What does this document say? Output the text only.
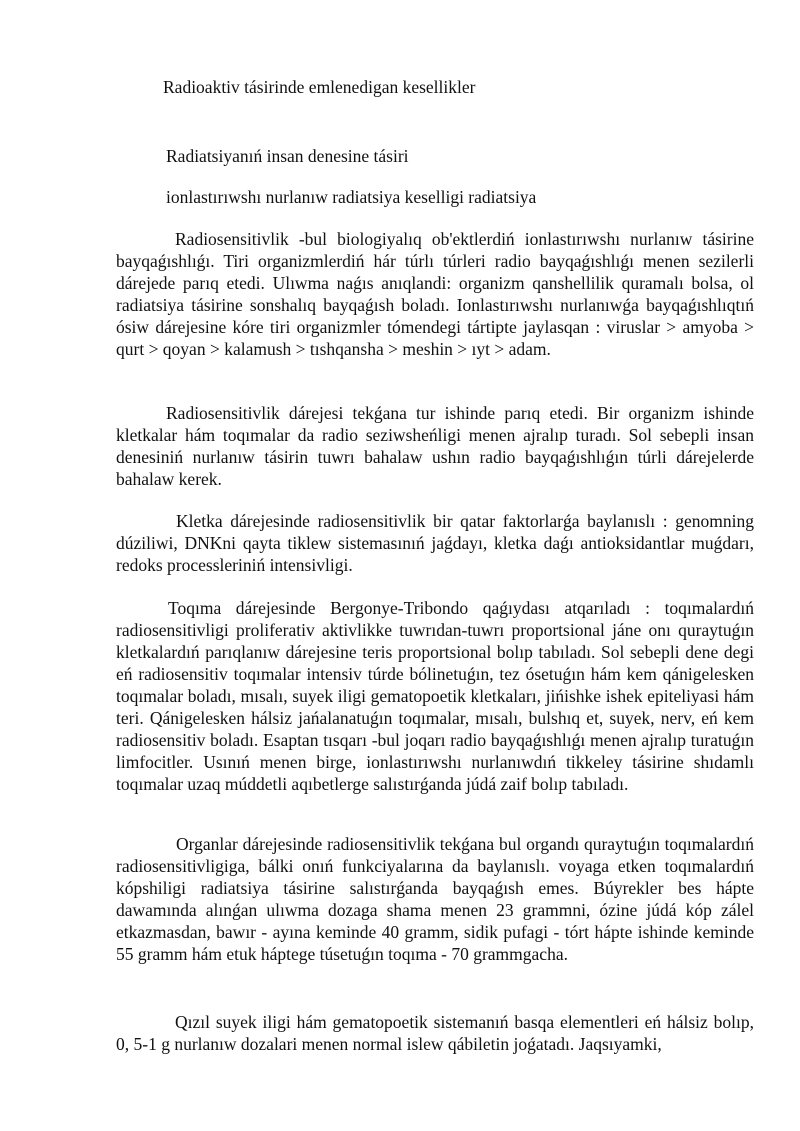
Radioaktiv tásirinde emlenedigan kesellikler
Radiatsiyanıń insan denesine tásiri
ionlastırıwshı nurlanıw radiatsiya keselligi radiatsiya
Radiosensitivlik -bul biologiyalıq ob'ektlerdiń ionlastırıwshı nurlanıw tásirine bayqaǵıshlıǵı. Tiri organizmlerdiń hár túrlı túrleri radio bayqaǵıshlıǵı menen sezilerli dárejede parıq etedi. Ulıwma naǵıs anıqlandi: organizm qanshellilik quramalı bolsa, ol radiatsiya tásirine sonshalıq bayqaǵısh boladı. Ionlastırıwshı nurlanıwǵa bayqaǵıshlıqtıń ósiw dárejesine kóre tiri organizmler tómendegi tártipte jaylasqan : viruslar > amyoba > qurt > qoyan > kalamush > tıshqansha > meshin > ıyt > adam.
Radiosensitivlik dárejesi tekǵana tur ishinde parıq etedi. Bir organizm ishinde kletkalar hám toqımalar da radio seziwsheńligi menen ajralıp turadı. Sol sebepli insan denesiniń nurlanıw tásirin tuwrı bahalaw ushın radio bayqaǵıshlıǵın túrli dárejelerde bahalaw kerek.
Kletka dárejesinde radiosensitivlik bir qatar faktorlarǵa baylanıslı : genomning dúziliwi, DNKni qayta tiklew sistemasınıń jaǵdayı, kletka daǵı antioksidantlar muǵdarı, redoks processleriniń intensivligi.
Toqıma dárejesinde Bergonye-Tribondo qaǵıydası atqarıladı : toqımalardıń radiosensitivligi proliferativ aktivlikke tuwrıdan-tuwrı proportsional jáne onı quraytuǵın kletkalardıń parıqlanıw dárejesine teris proportsional bolıp tabıladı. Sol sebepli dene degi eń radiosensitiv toqımalar intensiv túrde bólinetuǵın, tez ósetuǵın hám kem qánigelesken toqımalar boladı, mısalı, suyek iligi gematopoetik kletkaları, jińishke ishek epiteliyasi hám teri. Qánigelesken hálsiz jańalanatuǵın toqımalar, mısalı, bulshıq et, suyek, nerv, eń kem radiosensitiv boladı. Esaptan tısqarı -bul joqarı radio bayqaǵıshlıǵı menen ajralıp turatuǵın limfocitler. Usınıń menen birge, ionlastırıwshı nurlanıwdıń tikkeley tásirine shıdamlı toqımalar uzaq múddetli aqıbetlerge salıstırǵanda júdá zaif bolıp tabıladı.
Organlar dárejesinde radiosensitivlik tekǵana bul organdı quraytuǵın toqımalardıń radiosensitivligiga, bálki onıń funkciyalarına da baylanıslı. voyaga etken toqımalardıń kópshiligi radiatsiya tásirine salıstırǵanda bayqaǵısh emes. Búyrekler bes hápte dawamında alınǵan ulıwma dozaga shama menen 23 grammni, ózine júdá kóp zálel etkazmasdan, bawır - ayına keminde 40 gramm, sidik pufagi - tórt hápte ishinde keminde 55 gramm hám etuk háptege túsetuǵın toqıma - 70 grammgacha.
Qızıl suyek iligi hám gematopoetik sistemanıń basqa elementleri eń hálsiz bolıp, 0, 5-1 g nurlanıw dozalari menen normal islew qábiletin joǵatadı. Jaqsıyamki,
